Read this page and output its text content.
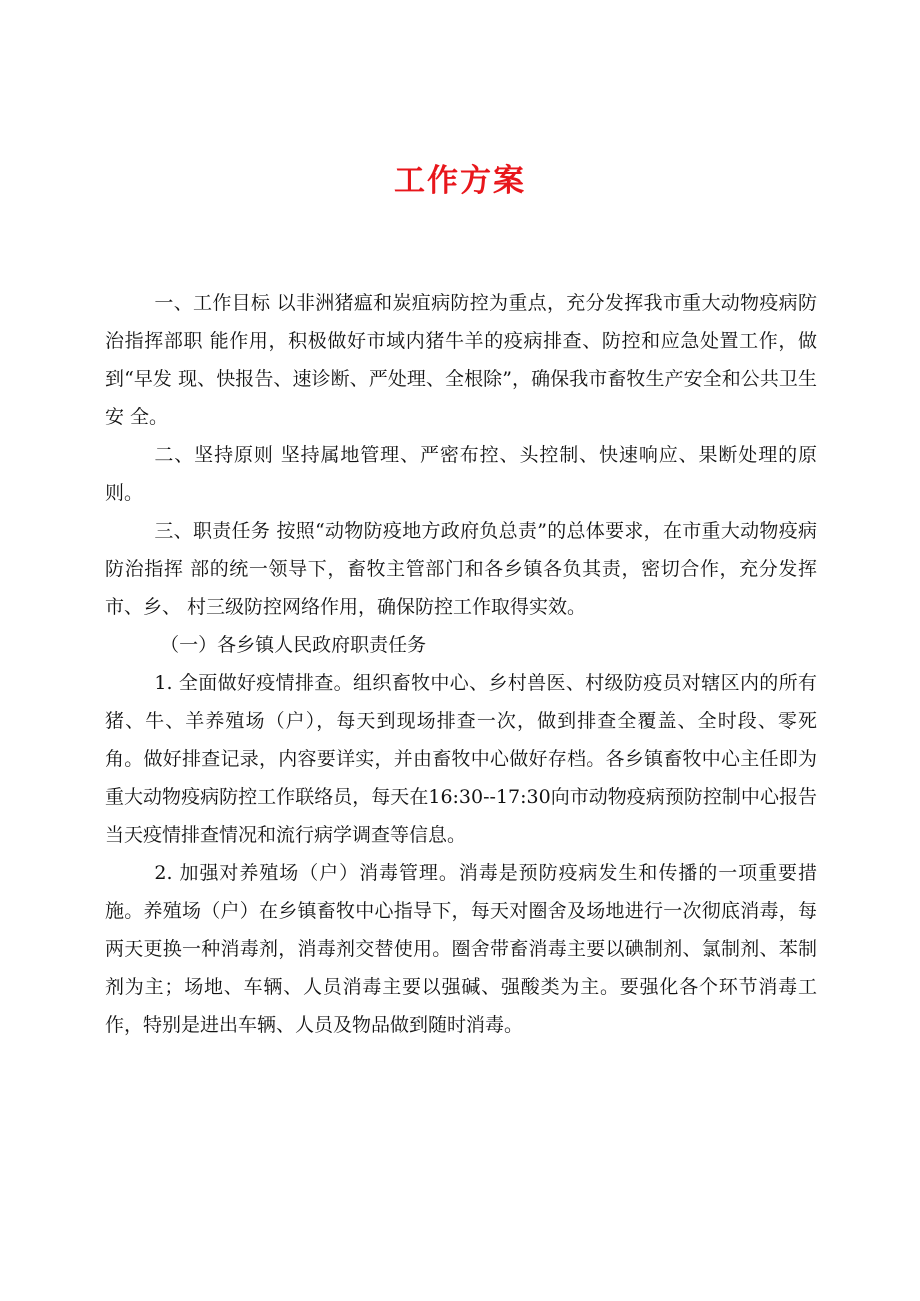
工作方案

一、工作目标 以非洲猪瘟和炭疽病防控为重点，充分发挥我市重大动物疫病防治指挥部职 能作用，积极做好市域内猪牛羊的疫病排查、防控和应急处置工作，做到“早发 现、快报告、速诊断、严处理、全根除”，确保我市畜牧生产安全和公共卫生安 全。

二、坚持原则 坚持属地管理、严密布控、头控制、快速响应、果断处理的原则。

三、职责任务 按照“动物防疫地方政府负总责”的总体要求，在市重大动物疫病防治指挥 部的统一领导下，畜牧主管部门和各乡镇各负其责，密切合作，充分发挥市、乡、 村三级防控网络作用，确保防控工作取得实效。

（一）各乡镇人民政府职责任务

1. 全面做好疫情排查。组织畜牧中心、乡村兽医、村级防疫员对辖区内的所有猪、牛、羊养殖场（户），每天到现场排查一次，做到排查全覆盖、全时段、零死角。做好排查记录，内容要详实，并由畜牧中心做好存档。各乡镇畜牧中心主任即为重大动物疫病防控工作联络员，每天在16:30--17:30向市动物疫病预防控制中心报告当天疫情排查情况和流行病学调查等信息。

2. 加强对养殖场（户）消毒管理。消毒是预防疫病发生和传播的一项重要措施。养殖场（户）在乡镇畜牧中心指导下，每天对圈舍及场地进行一次彻底消毒，每两天更换一种消毒剂，消毒剂交替使用。圈舍带畜消毒主要以碘制剂、氯制剂、苯制剂为主；场地、车辆、人员消毒主要以强碱、强酸类为主。要强化各个环节消毒工作，特别是进出车辆、人员及物品做到随时消毒。
